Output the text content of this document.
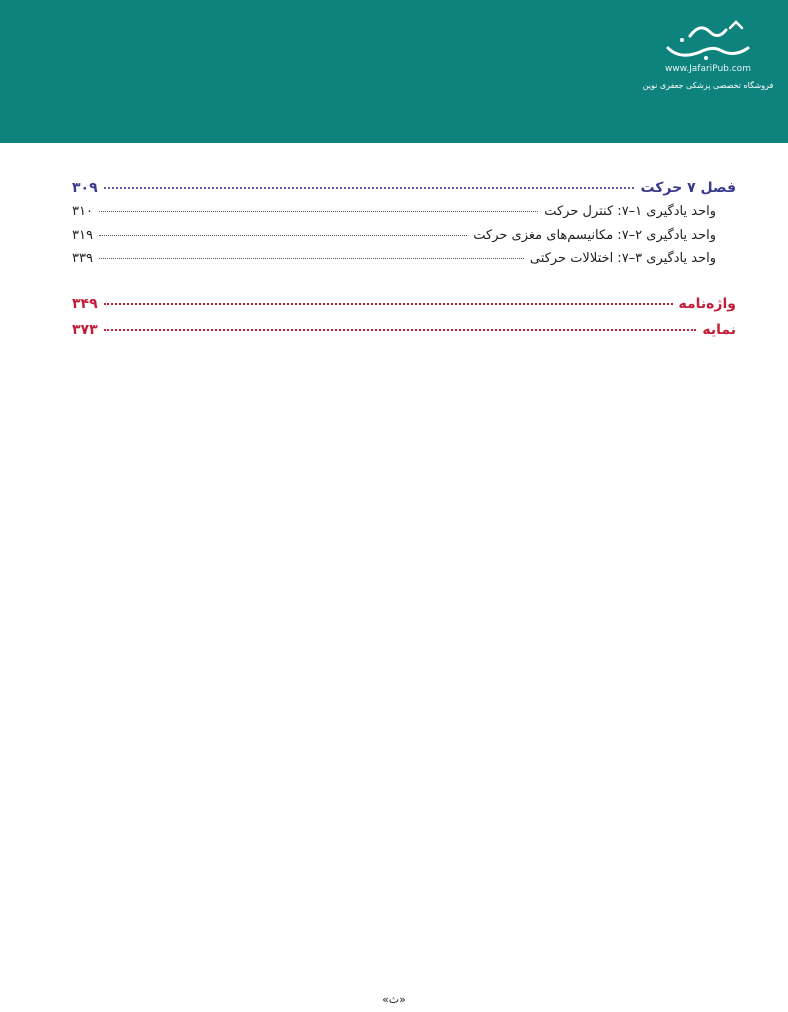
www.JafariPub.com
فروشگاه تخصصی پزشکی جعفری نوین
فصل ۷ حرکت
۳۰۹
واحد یادگیری ۱–۷: کنترل حرکت
۳۱۰
واحد یادگیری ۲–۷: مکانیسم‌های مغزی حرکت
۳۱۹
واحد یادگیری ۳–۷: اختلالات حرکتی
۳۳۹
واژه‌نامه
۳۴۹
نمایه
۳۷۳
«ث»
